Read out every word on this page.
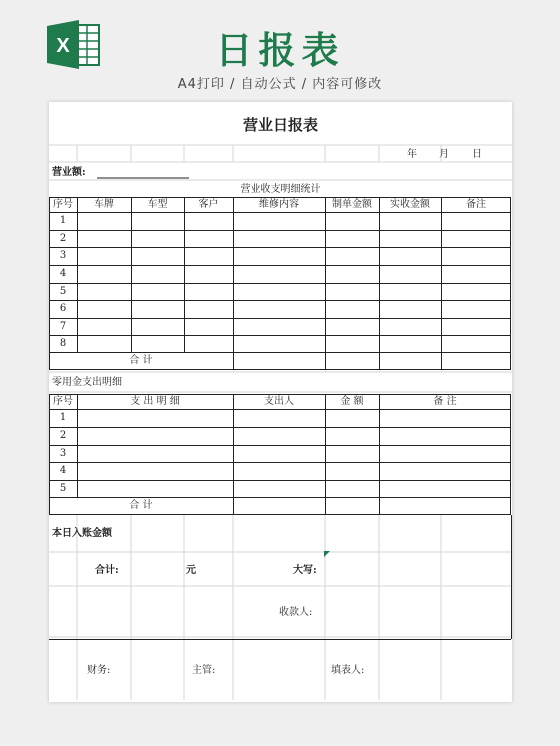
X	日报表
A4打印 / 自动公式 / 内容可修改
营业日报表
年 月 日
营业额:
营业收支明细统计
序号	车牌	车型	客户	维修内容	制单金额	实收金额	备注
1
2
3
4
5
6
7
8
合 计
零用金支出明细
序号	支 出 明 细	支出人	金 额	备 注
1
2
3
4
5
合 计
本日入账金额
合计:	元	大写:
收款人:
财务:	主管:	填表人:
